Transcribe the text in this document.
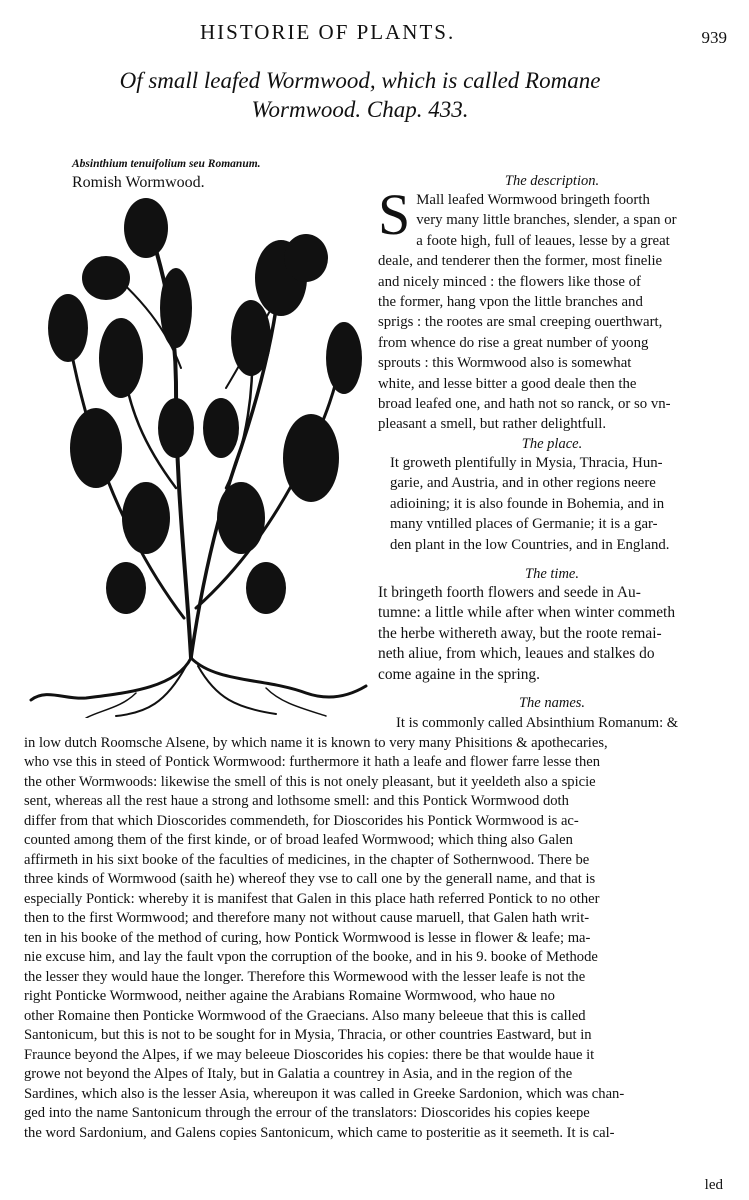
HISTORIE OF PLANTS.	939
Of small leafed Wormwood, which is called Romane
Wormwood. Chap. 433.
Absinthium tenuifolium seu Romanum.
Romish Wormwood.	The description.
S Mall leafed Wormwood bringeth foorth
very many little branches, slender, a span or
a foote high, full of leaues, lesse by a great
deale, and tenderer then the former, most finelie
and nicely minced : the flowers like those of
the former, hang vpon the little branches and
sprigs : the rootes are smal creeping ouerthwart,
from whence do rise a great number of yoong
sprouts : this Wormwood also is somewhat
white, and lesse bitter a good deale then the
broad leafed one, and hath not so ranck, or so vn-
pleasant a smell, but rather delightfull.
The place.
It groweth plentifully in Mysia, Thracia, Hun-
garie, and Austria, and in other regions neere
adioining; it is also founde in Bohemia, and in
many vntilled places of Germanie; it is a gar-
den plant in the low Countries, and in England.
The time.
It bringeth foorth flowers and seede in Au-
tumne: a little while after when winter commeth
the herbe withereth away, but the roote remai-
neth aliue, from which, leaues and stalkes do
come againe in the spring.
The names.
It is commonly called Absinthium Romanum: &
in low dutch Roomsche Alsene, by which name it is known to very many Phisitions & apothecaries,
who vse this in steed of Pontick Wormwood: furthermore it hath a leafe and flower farre lesse then
the other Wormwoods: likewise the smell of this is not onely pleasant, but it yeeldeth also a spicie
sent, whereas all the rest haue a strong and lothsome smell: and this Pontick Wormwood doth
differ from that which Dioscorides commendeth, for Dioscorides his Pontick Wormwood is ac-
counted among them of the first kinde, or of broad leafed Wormwood; which thing also Galen
affirmeth in his sixt booke of the faculties of medicines, in the chapter of Sothernwood. There be
three kinds of Wormwood (saith he) whereof they vse to call one by the generall name, and that is
especially Pontick: whereby it is manifest that Galen in this place hath referred Pontick to no other
then to the first Wormwood; and therefore many not without cause maruell, that Galen hath writ-
ten in his booke of the method of curing, how Pontick Wormwood is lesse in flower & leafe; ma-
nie excuse him, and lay the fault vpon the corruption of the booke, and in his 9. booke of Methode
the lesser they would haue the longer. Therefore this Wormewood with the lesser leafe is not the
right Ponticke Wormwood, neither againe the Arabians Romaine Wormwood, who haue no
other Romaine then Ponticke Wormwood of the Graecians. Also many beleeue that this is called
Santonicum, but this is not to be sought for in Mysia, Thracia, or other countries Eastward, but in
Fraunce beyond the Alpes, if we may beleeue Dioscorides his copies: there be that woulde haue it
growe not beyond the Alpes of Italy, but in Galatia a countrey in Asia, and in the region of the
Sardines, which also is the lesser Asia, whereupon it was called in Greeke Sardonion, which was chan-
ged into the name Santonicum through the errour of the translators: Dioscorides his copies keepe
the word Sardonium, and Galens copies Santonicum, which came to posteritie as it seemeth. It is cal-
led
